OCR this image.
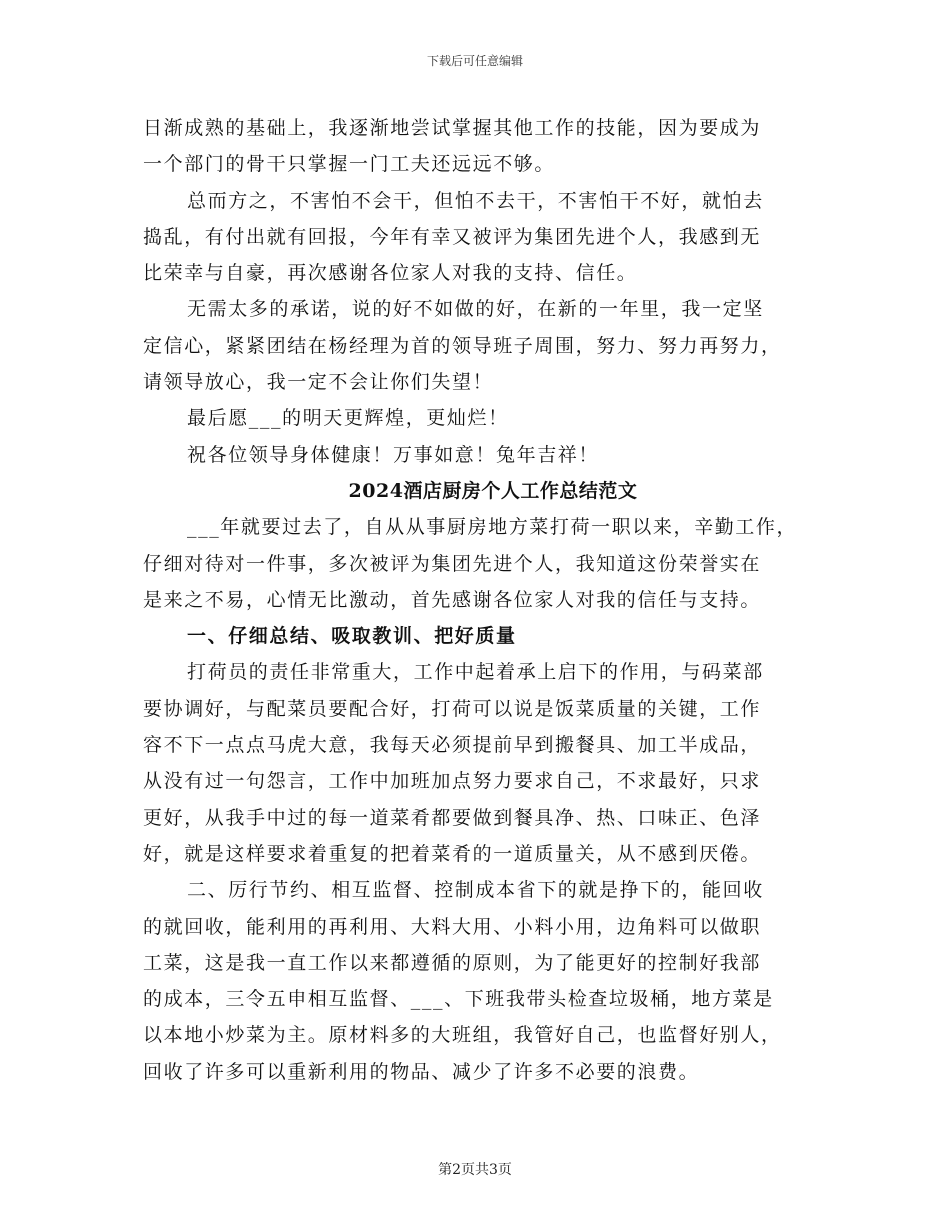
下载后可任意编辑
日渐成熟的基础上，我逐渐地尝试掌握其他工作的技能，因为要成为
一个部门的骨干只掌握一门工夫还远远不够。
总而方之，不害怕不会干，但怕不去干，不害怕干不好，就怕去
捣乱，有付出就有回报，今年有幸又被评为集团先进个人，我感到无
比荣幸与自豪，再次感谢各位家人对我的支持、信任。
无需太多的承诺，说的好不如做的好，在新的一年里，我一定坚
定信心，紧紧团结在杨经理为首的领导班子周围，努力、努力再努力，
请领导放心，我一定不会让你们失望！
最后愿___的明天更辉煌，更灿烂！
祝各位领导身体健康！万事如意！兔年吉祥！
2024酒店厨房个人工作总结范文
___年就要过去了，自从从事厨房地方菜打荷一职以来，辛勤工作，
仔细对待对一件事，多次被评为集团先进个人，我知道这份荣誉实在
是来之不易，心情无比激动，首先感谢各位家人对我的信任与支持。
一、仔细总结、吸取教训、把好质量
打荷员的责任非常重大，工作中起着承上启下的作用，与码菜部
要协调好，与配菜员要配合好，打荷可以说是饭菜质量的关键，工作
容不下一点点马虎大意，我每天必须提前早到搬餐具、加工半成品，
从没有过一句怨言，工作中加班加点努力要求自己，不求最好，只求
更好，从我手中过的每一道菜肴都要做到餐具净、热、口味正、色泽
好，就是这样要求着重复的把着菜肴的一道质量关，从不感到厌倦。
二、厉行节约、相互监督、控制成本省下的就是挣下的，能回收
的就回收，能利用的再利用、大料大用、小料小用，边角料可以做职
工菜，这是我一直工作以来都遵循的原则，为了能更好的控制好我部
的成本，三令五申相互监督、___、下班我带头检查垃圾桶，地方菜是
以本地小炒菜为主。原材料多的大班组，我管好自己，也监督好别人，
回收了许多可以重新利用的物品、减少了许多不必要的浪费。
第2页共3页
